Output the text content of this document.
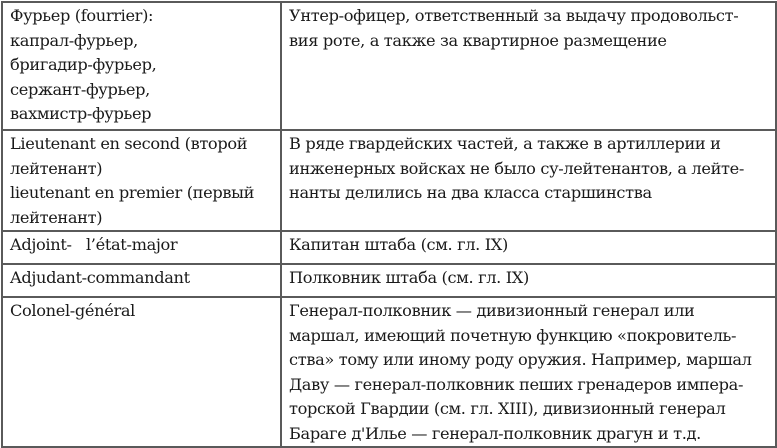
Фурьер (fourrier):
капрал-фурьер,
бригадир-фурьер,
сержант-фурьер,
вахмистр-фурьер	Унтер-офицер, ответственный за выдачу продовольст-
вия роте, а также за квартирное размещение

Lieutenant en second (второй
лейтенант)
lieutenant en premier (первый
лейтенант)	В ряде гвардейских частей, а также в артиллерии и
инженерных войсках не было су-лейтенантов, а лейте-
нанты делились на два класса старшинства

Adjoint-   l’état-major	Капитан штаба (см. гл. IX)

Adjudant-commandant	Полковник штаба (см. гл. IX)

Colonel-général	Генерал-полковник — дивизионный генерал или
маршал, имеющий почетную функцию «покровитель-
ства» тому или иному роду оружия. Например, маршал
Даву — генерал-полковник пеших гренадеров импера-
торской Гвардии (см. гл. XIII), дивизионный генерал
Бараге д'Илье — генерал-полковник драгун и т.д.
